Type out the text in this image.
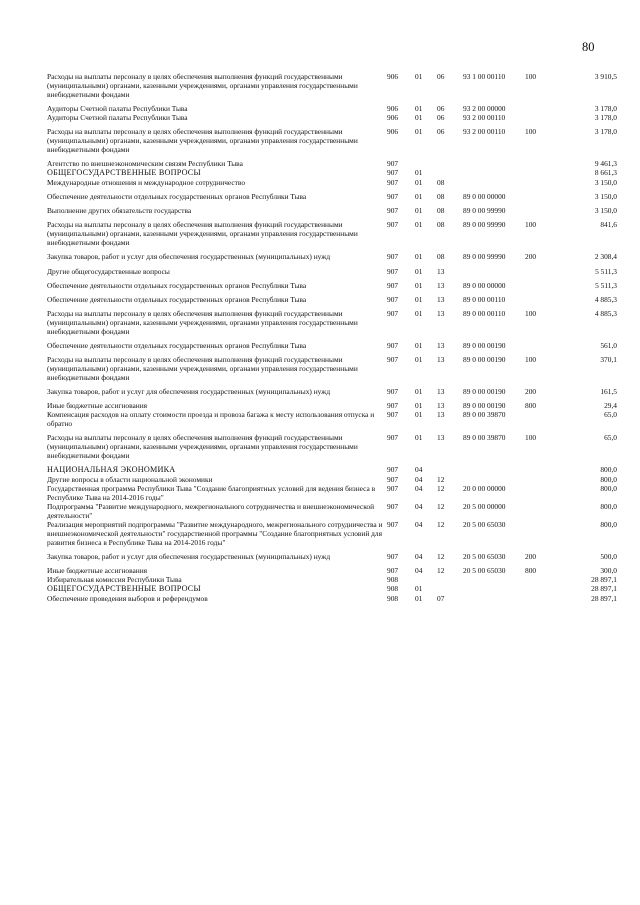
80
Расходы на выплаты персоналу в целях обеспечения выполнения функций государственными (муниципальными) органами, казенными учреждениями, органами управления государственными внебюджетными фондами	906	01	06	93 1 00 00110	100	3 910,5

Аудиторы Счетной палаты Республики Тыва	906	01	06	93 2 00 00000		3 178,0
Аудиторы Счетной палаты Республики Тыва	906	01	06	93 2 00 00110		3 178,0

Расходы на выплаты персоналу в целях обеспечения выполнения функций государственными (муниципальными) органами, казенными учреждениями, органами управления государственными внебюджетными фондами	906	01	06	93 2 00 00110	100	3 178,0

Агентство по внешнеэкономическим связям Республики Тыва	907					9 461,3
ОБЩЕГОСУДАРСТВЕННЫЕ ВОПРОСЫ	907	01				8 661,3
Международные отношения и международное сотрудничество	907	01	08			3 150,0

Обеспечение деятельности отдельных государственных органов Республики Тыва	907	01	08	89 0 00 00000		3 150,0

Выполнение других обязательств государства	907	01	08	89 0 00 99990		3 150,0

Расходы на выплаты персоналу в целях обеспечения выполнения функций государственными (муниципальными) органами, казенными учреждениями, органами управления государственными внебюджетными фондами	907	01	08	89 0 00 99990	100	841,6

Закупка товаров, работ и услуг для обеспечения государственных (муниципальных) нужд	907	01	08	89 0 00 99990	200	2 308,4

Другие общегосударственные вопросы	907	01	13			5 511,3

Обеспечение деятельности отдельных государственных органов Республики Тыва	907	01	13	89 0 00 00000		5 511,3

Обеспечение деятельности отдельных государственных органов Республики Тыва	907	01	13	89 0 00 00110		4 885,3

Расходы на выплаты персоналу в целях обеспечения выполнения функций государственными (муниципальными) органами, казенными учреждениями, органами управления государственными внебюджетными фондами	907	01	13	89 0 00 00110	100	4 885,3

Обеспечение деятельности отдельных государственных органов Республики Тыва	907	01	13	89 0 00 00190		561,0

Расходы на выплаты персоналу в целях обеспечения выполнения функций государственными (муниципальными) органами, казенными учреждениями, органами управления государственными внебюджетными фондами	907	01	13	89 0 00 00190	100	370,1

Закупка товаров, работ и услуг для обеспечения государственных (муниципальных) нужд	907	01	13	89 0 00 00190	200	161,5

Иные бюджетные ассигнования	907	01	13	89 0 00 00190	800	29,4
Компенсация расходов на оплату стоимости проезда и провоза багажа к месту использования отпуска и обратно	907	01	13	89 0 00 39870		65,0

Расходы на выплаты персоналу в целях обеспечения выполнения функций государственными (муниципальными) органами, казенными учреждениями, органами управления государственными внебюджетными фондами	907	01	13	89 0 00 39870	100	65,0

НАЦИОНАЛЬНАЯ ЭКОНОМИКА	907	04				800,0
Другие вопросы в области национальной экономики	907	04	12			800,0
Государственная программа Республики Тыва "Создание благоприятных условий для ведения бизнеса в Республике Тыва на 2014-2016 годы"	907	04	12	20 0 00 00000		800,0
Подпрограмма "Развитие международного, межрегионального сотрудничества и внешнеэкономической деятельности"	907	04	12	20 5 00 00000		800,0
Реализация мероприятий подпрограммы "Развитие международного, межрегионального сотрудничества и внешнеэкономической деятельности" государственной программы "Создание благоприятных условий для развития бизнеса в Республике Тыва на 2014-2016 годы"	907	04	12	20 5 00 65030		800,0

Закупка товаров, работ и услуг для обеспечения государственных (муниципальных) нужд	907	04	12	20 5 00 65030	200	500,0

Иные бюджетные ассигнования	907	04	12	20 5 00 65030	800	300,0
Избирательная комиссия Республики Тыва	908					28 897,1
ОБЩЕГОСУДАРСТВЕННЫЕ ВОПРОСЫ	908	01				28 897,1
Обеспечение проведения выборов и референдумов	908	01	07			28 897,1
